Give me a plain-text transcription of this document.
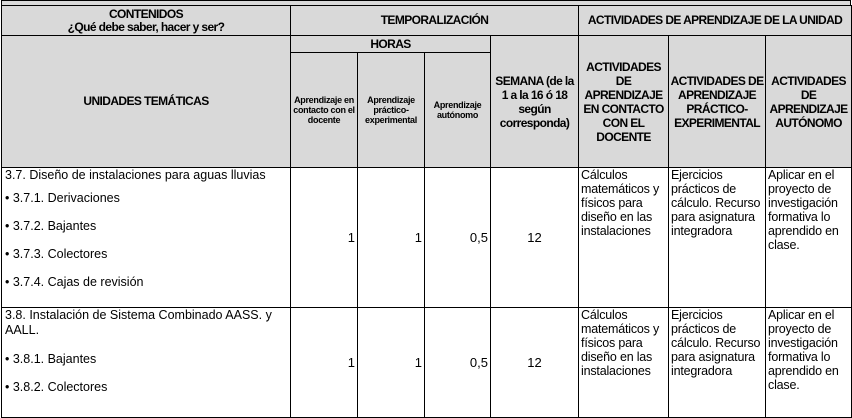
CONTENIDOS
¿Qué debe saber, hacer y ser?	TEMPORALIZACIÓN				ACTIVIDADES DE APRENDIZAJE DE LA UNIDAD		
UNIDADES TEMÁTICAS	HORAS			SEMANA (de la 1 a la 16 ó 18 según corresponda)	ACTIVIDADES DE APRENDIZAJE EN CONTACTO CON EL DOCENTE	ACTIVIDADES DE APRENDIZAJE PRÁCTICO-EXPERIMENTAL	ACTIVIDADES DE APRENDIZAJE AUTÓNOMO
	Aprendizaje en contacto con el docente	Aprendizaje práctico-experimental	Aprendizaje autónomo				
3.7. Diseño de instalaciones para aguas lluvias
• 3.7.1. Derivaciones
• 3.7.2. Bajantes
• 3.7.3. Colectores
• 3.7.4. Cajas de revisión	1	1	0,5	12	Cálculos matemáticos y físicos para diseño en las instalaciones	Ejercicios prácticos de cálculo. Recurso para asignatura integradora	Aplicar en el proyecto de investigación formativa lo aprendido en clase.
3.8. Instalación de Sistema Combinado AASS. y AALL.
• 3.8.1. Bajantes
• 3.8.2. Colectores	1	1	0,5	12	Cálculos matemáticos y físicos para diseño en las instalaciones	Ejercicios prácticos de cálculo. Recurso para asignatura integradora	Aplicar en el proyecto de investigación formativa lo aprendido en clase.
